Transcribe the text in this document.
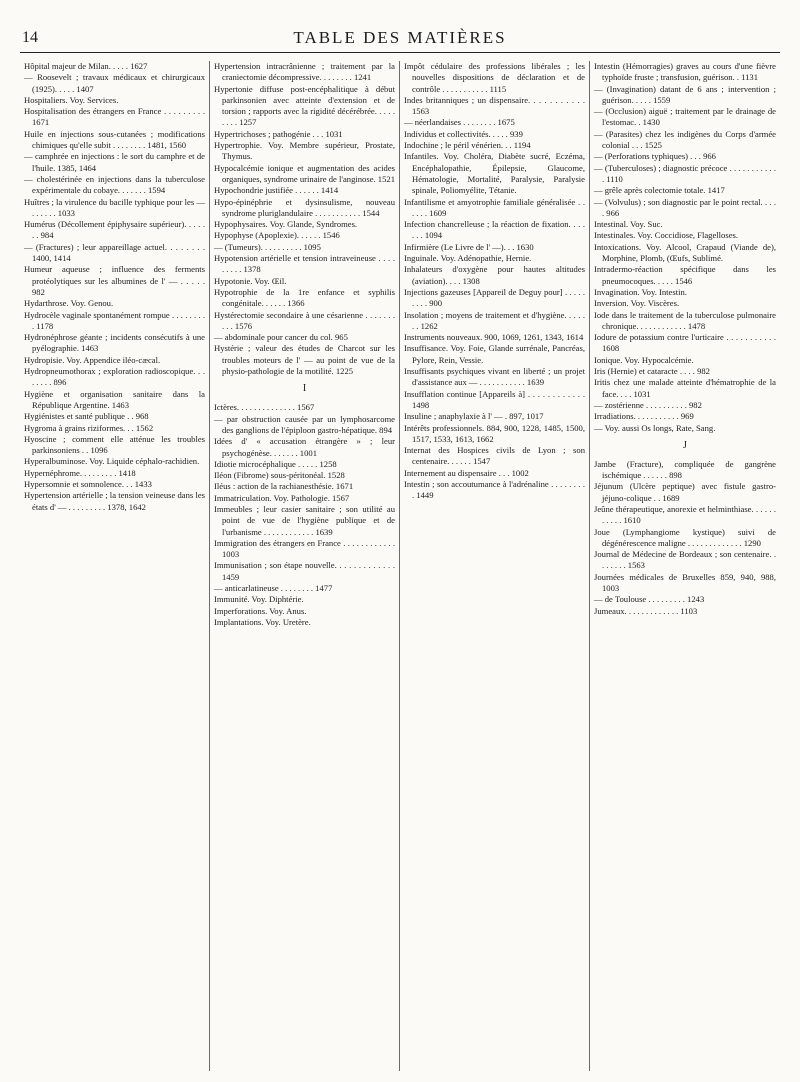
14	TABLE DES MATIÈRES
Hôpital majeur de Milan. . . . . 1627
— Roosevelt ; travaux médicaux et chirurgicaux (1925). . . . . 1407
Hospitaliers. Voy. Services.
Hospitalisation des étrangers en France . . . . . . . . . 1671
Huile en injections sous-cutanées ; modifications chimiques qu'elle subit . . . . . . . . 1481, 1560
— camphrée en injections : le sort du camphre et de l'huile. 1385, 1464
— cholestérinée en injections dans la tuberculose expérimentale du cobaye. . . . . . . 1594
Huîtres ; la virulence du bacille typhique pour les — . . . . . . 1033
Humérus (Décollement épiphysaire supérieur). . . . . . . 984
— (Fractures) ; leur appareillage actuel. . . . . . . . 1400, 1414
Humeur aqueuse ; influence des ferments protéolytiques sur les albumines de l' — . . . . . 982
Hydarthrose. Voy. Genou.
Hydrocèle vaginale spontanément rompue . . . . . . . . . 1178
Hydronéphrose géante ; incidents consécutifs à une pyélographie. 1463
Hydropisie. Voy. Appendice iléo-cæcal.
Hydropneumothorax ; exploration radioscopique. . . . . . . . 896
Hygiène et organisation sanitaire dans la République Argentine. 1463
Hygiénistes et santé publique . . 968
Hygroma à grains riziformes. . . 1562
Hyoscine ; comment elle atténue les troubles parkinsoniens . . 1096
Hyperalbuminose. Voy. Liquide céphalo-rachidien.
Hypernéphrome. . . . . . . . . 1418
Hypersomnie et somnolence. . . 1433
Hypertension artérielle ; la tension veineuse dans les états d' — . . . . . . . . . 1378, 1642
Hypertension intracrânienne ; traitement par la craniectomie décompressive. . . . . . . . 1241
Hypertonie diffuse post-encéphalitique à début parkinsonien avec atteinte d'extension et de torsion ; rapports avec la rigidité décérébrée. . . . . . . . . 1257
Hypertrichoses ; pathogénie . . . 1031
Hypertrophie. Voy. Membre supérieur, Prostate, Thymus.
Hypocalcémie ionique et augmentation des acides organiques, syndrome urinaire de l'anginose. 1521
Hypochondrie justifiée . . . . . . 1414
Hypo-épinéphrie et dysinsulisme, nouveau syndrome pluriglandulaire . . . . . . . . . . . 1544
Hypophysaires. Voy. Glande, Syndromes.
Hypophyse (Apoplexie). . . . . . 1546
— (Tumeurs). . . . . . . . . . 1095
Hypotension artérielle et tension intraveineuse . . . . . . . . . 1378
Hypotonie. Voy. Œil.
Hypotrophie de la 1re enfance et syphilis congénitale. . . . . . 1366
Hystérectomie secondaire à une césarienne . . . . . . . . . . 1576
— abdominale pour cancer du col. 965
Hystérie ; valeur des études de Charcot sur les troubles moteurs de l' — au point de vue de la physio-pathologie de la motilité. 1225
I
Ictères. . . . . . . . . . . . . . 1567
— par obstruction causée par un lymphosarcome des ganglions de l'épiploon gastro-hépatique. 894
Idées d' « accusation étrangère » ; leur psychogénèse. . . . . . . 1001
Idiotie microcéphalique . . . . . 1258
Iléon (Fibrome) sous-péritonéal. 1528
Iléus : action de la rachianesthésie. 1671
Immatriculation. Voy. Pathologie. 1567
Immeubles ; leur casier sanitaire ; son utilité au point de vue de l'hygiène publique et de l'urbanisme . . . . . . . . . . . . 1639
Immigration des étrangers en France . . . . . . . . . . . . 1003
Immunisation ; son étape nouvelle. . . . . . . . . . . . . 1459
— anticarlatineuse . . . . . . . . 1477
Immunité. Voy. Diphtérie.
Imperforations. Voy. Anus.
Implantations. Voy. Uretère.
Impôt cédulaire des professions libérales ; les nouvelles dispositions de déclaration et de contrôle . . . . . . . . . . . 1115
Indes britanniques ; un dispensaire. . . . . . . . . . . 1563
— néerlandaises . . . . . . . . 1675
Individus et collectivités. . . . . 939
Indochine ; le péril vénérien. . . 1194
Infantiles. Voy. Choléra, Diabète sucré, Eczéma, Encéphalopathie, Épilepsie, Glaucome, Hématologie, Mortalité, Paralysie, Paralysie spinale, Poliomyélite, Tétanie.
Infantilisme et amyotrophie familiale généralisée . . . . . . 1609
Infection chancrelleuse ; la réaction de fixation. . . . . . . 1094
Infirmière (Le Livre de l' —). . . 1630
Inguinale. Voy. Adénopathie, Hernie.
Inhalateurs d'oxygène pour hautes altitudes (aviation). . . . 1308
Injections gazeuses [Appareil de Deguy pour] . . . . . . . . . 900
Insolation ; moyens de traitement et d'hygiène. . . . . . . 1262
Instruments nouveaux. 900, 1069, 1261, 1343, 1614
Insuffisance. Voy. Foie, Glande surrénale, Pancréas, Pylore, Rein, Vessie.
Insuffisants psychiques vivant en liberté ; un projet d'assistance aux — . . . . . . . . . . . 1639
Insufflation continue [Appareils à] . . . . . . . . . . . . 1498
Insuline ; anaphylaxie à l' — . 897, 1017
Intérêts professionnels. 884, 900, 1228, 1485, 1500, 1517, 1533, 1613, 1662
Internat des Hospices civils de Lyon ; son centenaire. . . . . . 1547
Internement au dispensaire . . . 1002
Intestin ; son accoutumance à l'adrénaline . . . . . . . . . 1449
Intestin (Hémorragies) graves au cours d'une fièvre typhoïde fruste ; transfusion, guérison. . 1131
— (Invagination) datant de 6 ans ; intervention ; guérison. . . . . 1559
— (Occlusion) aiguë ; traitement par le drainage de l'estomac. . 1430
— (Parasites) chez les indigènes du Corps d'armée colonial . . . 1525
— (Perforations typhiques) . . . 966
— (Tuberculoses) ; diagnostic précoce . . . . . . . . . . . . 1110
— grêle après colectomie totale. 1417
— (Volvulus) ; son diagnostic par le point rectal. . . . . 966
Intestinal. Voy. Suc.
Intestinales. Voy. Coccidiose, Flagelloses.
Intoxications. Voy. Alcool, Crapaud (Viande de), Morphine, Plomb, (Œufs, Sublimé.
Intradermo-réaction spécifique dans les pneumocoques. . . . . 1546
Invagination. Voy. Intestin.
Inversion. Voy. Viscères.
Iode dans le traitement de la tuberculose pulmonaire chronique. . . . . . . . . . . . 1478
Iodure de potassium contre l'urticaire . . . . . . . . . . . 1608
Ionique. Voy. Hypocalcémie.
Iris (Hernie) et cataracte . . . . 982
Iritis chez une malade atteinte d'hématrophie de la face. . . . 1031
— zostérienne . . . . . . . . . . 982
Irradiations. . . . . . . . . . . 969
— Voy. aussi Os longs, Rate, Sang.
J
Jambe (Fracture), compliquée de gangrène ischémique . . . . . . 898
Jéjunum (Ulcère peptique) avec fistule gastro-jéjuno-colique . . 1689
Jeûne thérapeutique, anorexie et helminthiase. . . . . . . . . . . 1610
Joue (Lymphangiome kystique) suivi de dégénérescence maligne . . . . . . . . . . . . . 1290
Journal de Médecine de Bordeaux ; son centenaire. . . . . . . . 1563
Journées médicales de Bruxelles 859, 940, 988, 1003
— de Toulouse . . . . . . . . . 1243
Jumeaux. . . . . . . . . . . . . 1103
